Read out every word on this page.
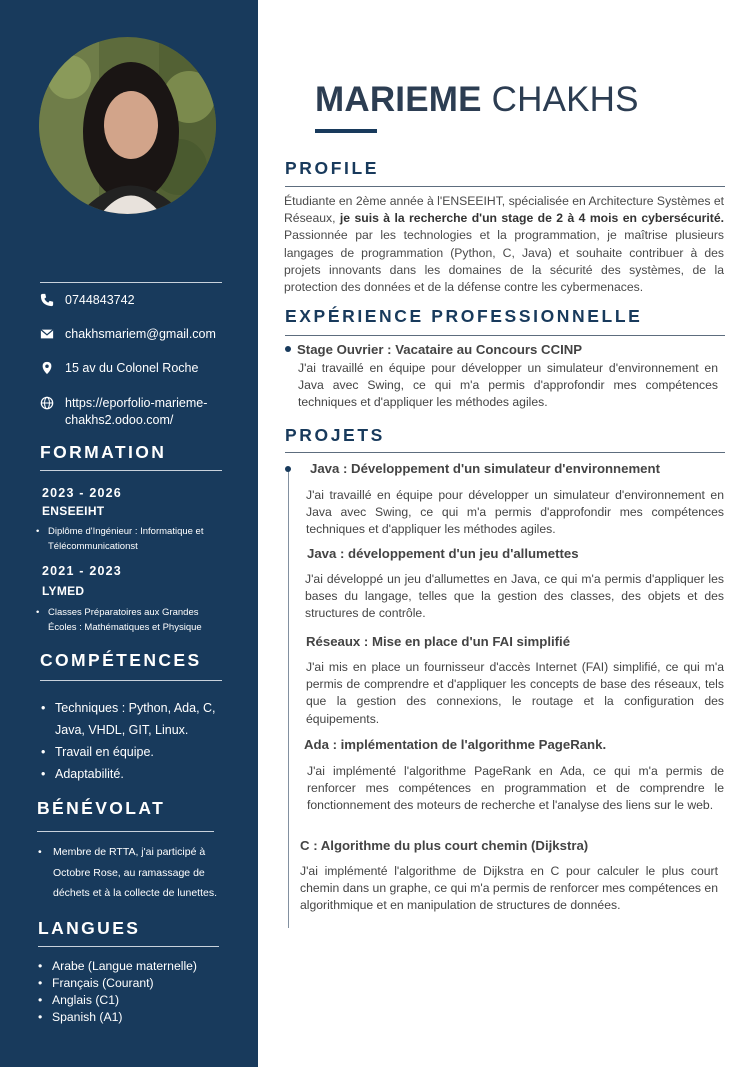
0744843742
chakhsmariem@gmail.com
15 av du Colonel Roche
https://eporfolio-marieme-
chakhs2.odoo.com/
FORMATION
2023 - 2026
ENSEEIHT
• Diplôme d'Ingénieur : Informatique et
Télécommunicationst
2021 - 2023
LYMED
• Classes Préparatoires aux Grandes
Écoles : Mathématiques et Physique
COMPÉTENCES
• Techniques : Python, Ada, C,
Java, VHDL, GIT, Linux.
• Travail en équipe.
• Adaptabilité.
BÉNÉVOLAT
• Membre de RTTA, j'ai participé à
Octobre Rose, au ramassage de
déchets et à la collecte de lunettes.
LANGUES
• Arabe (Langue maternelle)
• Français (Courant)
• Anglais (C1)
• Spanish (A1)
MARIEME CHAKHS
PROFILE
Étudiante en 2ème année à l'ENSEEIHT, spécialisée en Architecture Systèmes et Réseaux, je suis à la recherche d'un stage de 2 à 4 mois en cybersécurité. Passionnée par les technologies et la programmation, je maîtrise plusieurs langages de programmation (Python, C, Java) et souhaite contribuer à des projets innovants dans les domaines de la sécurité des systèmes, de la protection des données et de la défense contre les cybermenaces.
EXPÉRIENCE PROFESSIONNELLE
Stage Ouvrier : Vacataire au Concours CCINP
J'ai travaillé en équipe pour développer un simulateur d'environnement en Java avec Swing, ce qui m'a permis d'approfondir mes compétences techniques et d'appliquer les méthodes agiles.
PROJETS
Java : Développement d'un simulateur d'environnement
J'ai travaillé en équipe pour développer un simulateur d'environnement en Java avec Swing, ce qui m'a permis d'approfondir mes compétences techniques et d'appliquer les méthodes agiles.
Java : développement d'un jeu d'allumettes
J'ai développé un jeu d'allumettes en Java, ce qui m'a permis d'appliquer les bases du langage, telles que la gestion des classes, des objets et des structures de contrôle.
Réseaux : Mise en place d'un FAI simplifié
J'ai mis en place un fournisseur d'accès Internet (FAI) simplifié, ce qui m'a permis de comprendre et d'appliquer les concepts de base des réseaux, tels que la gestion des connexions, le routage et la configuration des équipements.
Ada : implémentation de l'algorithme PageRank.
J'ai implémenté l'algorithme PageRank en Ada, ce qui m'a permis de renforcer mes compétences en programmation et de comprendre le fonctionnement des moteurs de recherche et l'analyse des liens sur le web.
C : Algorithme du plus court chemin (Dijkstra)
J'ai implémenté l'algorithme de Dijkstra en C pour calculer le plus court chemin dans un graphe, ce qui m'a permis de renforcer mes compétences en algorithmique et en manipulation de structures de données.
